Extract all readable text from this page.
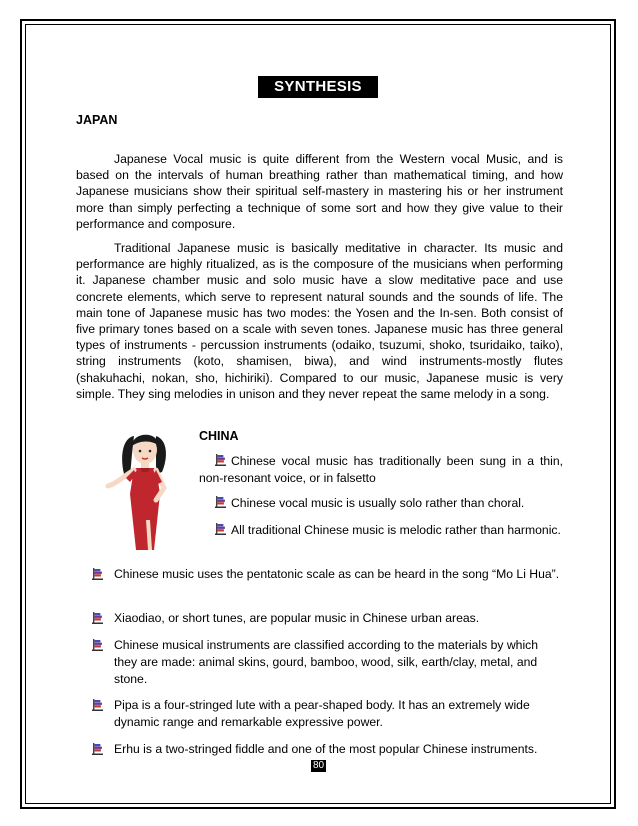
SYNTHESIS
JAPAN

Japanese Vocal music is quite different from the Western vocal Music, and is based on the intervals of human breathing rather than mathematical timing, and how Japanese musicians show their spiritual self-mastery in mastering his or her instrument more than simply perfecting a technique of some sort and how they give value to their performance and composure.

Traditional Japanese music is basically meditative in character. Its music and performance are highly ritualized, as is the composure of the musicians when performing it. Japanese chamber music and solo music have a slow meditative pace and use concrete elements, which serve to represent natural sounds and the sounds of life. The main tone of Japanese music has two modes: the Yosen and the In-sen. Both consist of five primary tones based on a scale with seven tones. Japanese music has three general types of instruments - percussion instruments (odaiko, tsuzumi, shoko, tsuridaiko, taiko), string instruments (koto, shamisen, biwa), and wind instruments-mostly flutes (shakuhachi, nokan, sho, hichiriki). Compared to our music, Japanese music is very simple. They sing melodies in unison and they never repeat the same melody in a song.

CHINA
Chinese vocal music has traditionally been sung in a thin, non-resonant voice, or in falsetto
Chinese vocal music is usually solo rather than choral.
All traditional Chinese music is melodic rather than harmonic.
Chinese music uses the pentatonic scale as can be heard in the song “Mo Li Hua”.
Xiaodiao, or short tunes, are popular music in Chinese urban areas.
Chinese musical instruments are classified according to the materials by which they are made: animal skins, gourd, bamboo, wood, silk, earth/clay, metal, and stone.
Pipa is a four-stringed lute with a pear-shaped body. It has an extremely wide dynamic range and remarkable expressive power.
Erhu is a two-stringed fiddle and one of the most popular Chinese instruments.
80
